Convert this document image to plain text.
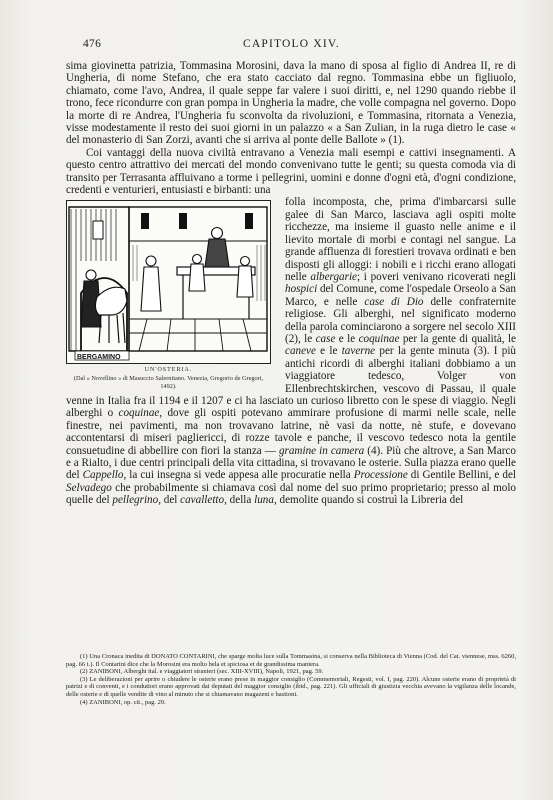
476	CAPITOLO XIV.

sima giovinetta patrizia, Tommasina Morosini, dava la mano di sposa al figlio di Andrea II, re di Ungheria, di nome Stefano, che era stato cacciato dal regno. Tommasina ebbe un figliuolo, chiamato, come l'avo, Andrea, il quale seppe far valere i suoi diritti, e, nel 1290 quando riebbe il trono, fece ricondurre con gran pompa in Ungheria la madre, che volle compagna nel governo. Dopo la morte di re Andrea, l'Ungheria fu sconvolta da rivoluzioni, e Tommasina, ritornata a Venezia, visse modestamente il resto dei suoi giorni in un palazzo « a San Zulian, in la ruga dietro le case « del monasterio di San Zorzi, avanti che si arriva al ponte delle Ballote » (1).

Coi vantaggi della nuova civiltà entravano a Venezia mali esempi e cattivi insegnamenti. A questo centro attrattivo dei mercati del mondo convenivano tutte le genti; su questa comoda via di transito per Terrasanta affluivano a torme i pellegrini, uomini e donne d'ogni età, d'ogni condizione, credenti e venturieri, entusiasti e birbanti: una

BERGAMINO
UN'OSTERIA.
(Dal « Novellino » di Masuccio Salernitano. Venezia, Gregorio de Gregori, 1492).

folla incomposta, che, prima d'imbarcarsi sulle galee di San Marco, lasciava agli ospiti molte ricchezze, ma insieme il guasto nelle anime e il lievito mortale di morbi e contagi nel sangue. La grande affluenza di forestieri trovava ordinati e ben disposti gli alloggi: i nobili e i ricchi erano allogati nelle albergarie; i poveri venivano ricoverati negli hospici del Comune, come l'ospedale Orseolo a San Marco, e nelle case di Dio delle confraternite religiose. Gli alberghi, nel significato moderno della parola cominciarono a sorgere nel secolo XIII (2), le case e le coquinae per la gente di qualità, le caneve e le taverne per la gente minuta (3). I più antichi ricordi di alberghi italiani dobbiamo a un viaggiatore tedesco, Volger von Ellenbrechtskirchen, vescovo di Passau, il quale venne in Italia fra il 1194 e il 1207 e ci ha lasciato un curioso libretto con le spese di viaggio. Negli alberghi o coquinae, dove gli ospiti potevano ammirare profusione di marmi nelle scale, nelle finestre, nei pavimenti, ma non trovavano latrine, nè vasi da notte, nè stufe, e dovevano accontentarsi di miseri pagliericci, di rozze tavole e panche, il vescovo tedesco nota la gentile consuetudine di abbellire con fiori la stanza — gramine in camera (4). Più che altrove, a San Marco e a Rialto, i due centri principali della vita cittadina, si trovavano le osterie. Sulla piazza erano quelle del Cappello, la cui insegna si vede appesa alle procuratie nella Processione di Gentile Bellini, e del Selvadego che probabilmente si chiamava così dal nome del suo primo proprietario; presso al molo quelle del pellegrino, del cavalletto, della luna, demolite quando si costruì la Libreria del

(1) Una Cronaca inedita di DONATO CONTARINI, che sparge molta luce sulla Tommasina, si conserva nella Biblioteca di Vienna (Cod. del Cat. viennese, mss. 6260, pag. 66 t.). Il Contarini dice che la Morosini era molto bela et spiciosa et de grandissima maniera.

(2) ZANIBONI, Alberghi ital. e viaggiatori stranieri (sec. XIII-XVIII), Napoli, 1921, pag. 59.

(3) Le deliberazioni per aprire o chiudere le osterie erano prese in maggior consiglio (Commemoriali, Regesti, vol. I, pag. 220). Alcune osterie erano di proprietà di patrizi e di conventi, e i conduttori erano approvati dai deputati del maggior consiglio (ibid., pag. 221). Gli ufficiali di giustizia vecchia avevano la vigilanza delle locande, delle osterie e di quelle vendite di vino al minuto che si chiamavano magazeni e bastioni.

(4) ZANIBONI, op. cit., pag. 29.
